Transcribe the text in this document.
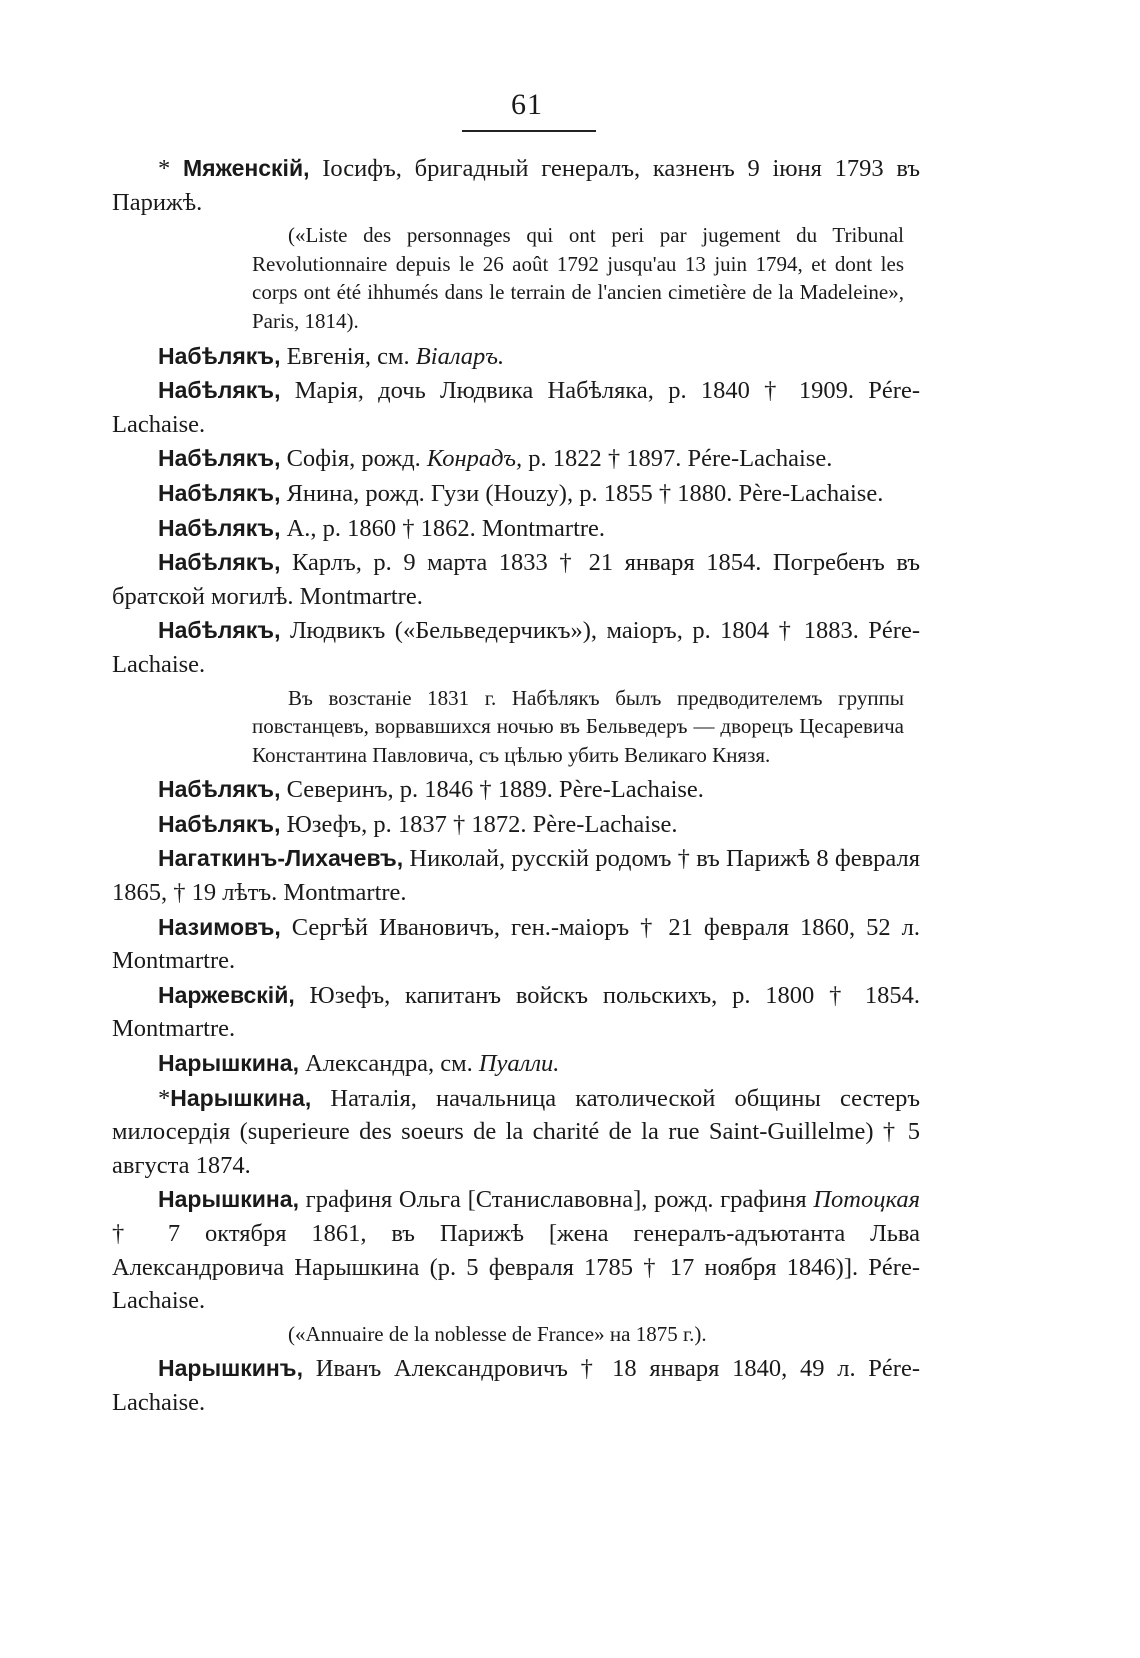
61

* Мяженскій, Іосифъ, бригадный генералъ, казненъ 9 іюня 1793 въ Парижѣ.

(«Liste des personnages qui ont peri par jugement du Tribunal Revolutionnaire depuis le 26 août 1792 jusqu'au 13 juin 1794, et dont les corps ont été ihhumés dans le terrain de l'ancien cimetière de la Madeleine», Paris, 1814).

Набѣлякъ, Евгенія, см. Віаларъ.

Набѣлякъ, Марія, дочь Людвика Набѣляка, р. 1840 † 1909. Pére-Lachaise.

Набѣлякъ, Софія, рожд. Конрадъ, р. 1822 † 1897. Pére-Lachaise.

Набѣлякъ, Янина, рожд. Гузи (Houzy), р. 1855 † 1880. Père-Lachaise.

Набѣлякъ, А., р. 1860 † 1862. Montmartre.

Набѣлякъ, Карлъ, р. 9 марта 1833 † 21 января 1854. Погребенъ въ братской могилѣ. Montmartre.

Набѣлякъ, Людвикъ («Бельведерчикъ»), маіоръ, р. 1804 † 1883. Pére-Lachaise.

Въ возстаніе 1831 г. Набѣлякъ былъ предводителемъ группы повстанцевъ, ворвавшихся ночью въ Бельведеръ — дворецъ Цесаревича Константина Павловича, съ цѣлью убить Великаго Князя.

Набѣлякъ, Северинъ, р. 1846 † 1889. Père-Lachaise.

Набѣлякъ, Юзефъ, р. 1837 † 1872. Père-Lachaise.

Нагаткинъ-Лихачевъ, Николай, русскій родомъ † въ Парижѣ 8 февраля 1865, † 19 лѣтъ. Montmartre.

Назимовъ, Сергѣй Ивановичъ, ген.-маіоръ † 21 февраля 1860, 52 л. Montmartre.

Наржевскій, Юзефъ, капитанъ войскъ польскихъ, р. 1800 † 1854. Montmartre.

Нарышкина, Александра, см. Пуалли.

*Нарышкина, Наталія, начальница католической общины сестеръ милосердія (superieure des soeurs de la charité de la rue Saint-Guillelme) † 5 августа 1874.

Нарышкина, графиня Ольга [Станиславовна], рожд. графиня Потоцкая † 7 октября 1861, въ Парижѣ [жена генералъ-адъютанта Льва Александровича Нарышкина (р. 5 февраля 1785 † 17 ноября 1846)]. Pére-Lachaise.

(«Annuaire de la noblesse de France» на 1875 г.).

Нарышкинъ, Иванъ Александровичъ † 18 января 1840, 49 л. Pére-Lachaise.
